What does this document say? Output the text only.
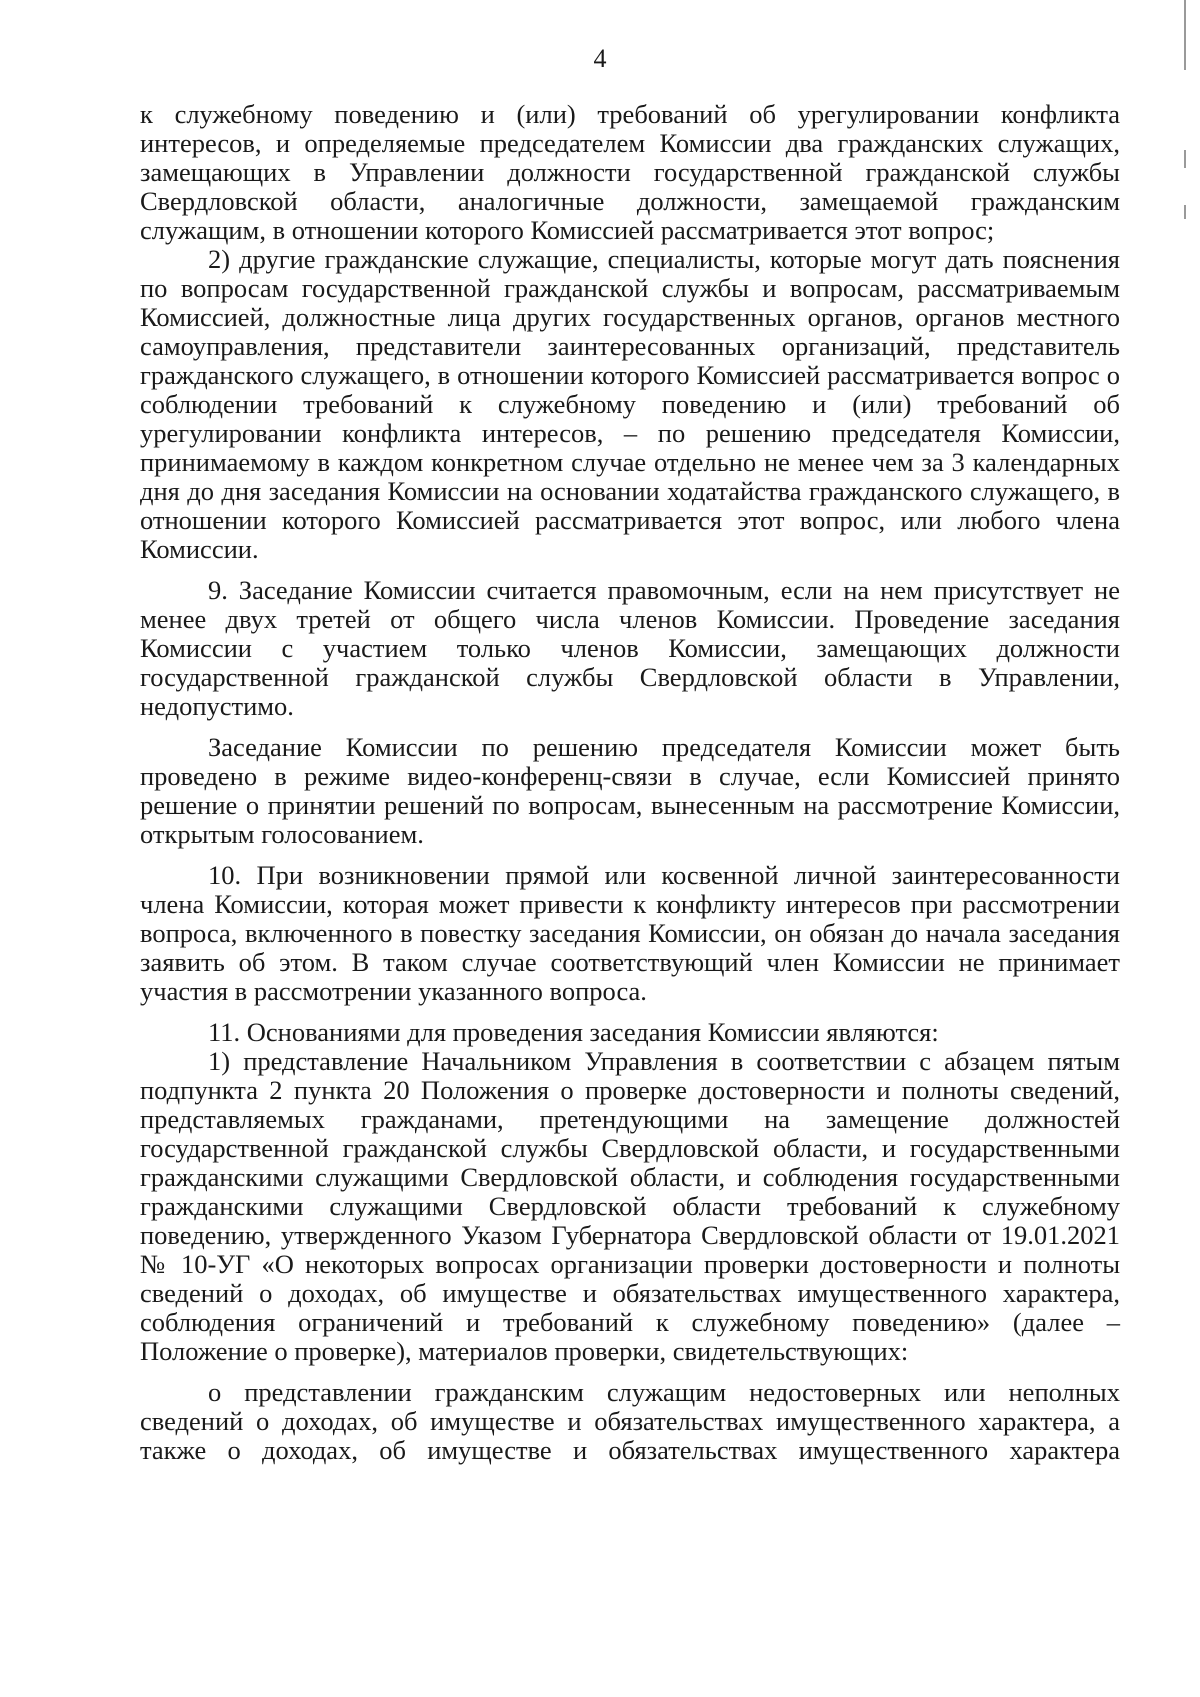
4

к служебному поведению и (или) требований об урегулировании конфликта интересов, и определяемые председателем Комиссии два гражданских служащих, замещающих в Управлении должности государственной гражданской службы Свердловской области, аналогичные должности, замещаемой гражданским служащим, в отношении которого Комиссией рассматривается этот вопрос;

2) другие гражданские служащие, специалисты, которые могут дать пояснения по вопросам государственной гражданской службы и вопросам, рассматриваемым Комиссией, должностные лица других государственных органов, органов местного самоуправления, представители заинтересованных организаций, представитель гражданского служащего, в отношении которого Комиссией рассматривается вопрос о соблюдении требований к служебному поведению и (или) требований об урегулировании конфликта интересов, – по решению председателя Комиссии, принимаемому в каждом конкретном случае отдельно не менее чем за 3 календарных дня до дня заседания Комиссии на основании ходатайства гражданского служащего, в отношении которого Комиссией рассматривается этот вопрос, или любого члена Комиссии.

9. Заседание Комиссии считается правомочным, если на нем присутствует не менее двух третей от общего числа членов Комиссии. Проведение заседания Комиссии с участием только членов Комиссии, замещающих должности государственной гражданской службы Свердловской области в Управлении, недопустимо.

Заседание Комиссии по решению председателя Комиссии может быть проведено в режиме видео-конференц-связи в случае, если Комиссией принято решение о принятии решений по вопросам, вынесенным на рассмотрение Комиссии, открытым голосованием.

10. При возникновении прямой или косвенной личной заинтересованности члена Комиссии, которая может привести к конфликту интересов при рассмотрении вопроса, включенного в повестку заседания Комиссии, он обязан до начала заседания заявить об этом. В таком случае соответствующий член Комиссии не принимает участия в рассмотрении указанного вопроса.

11. Основаниями для проведения заседания Комиссии являются:

1) представление Начальником Управления в соответствии с абзацем пятым подпункта 2 пункта 20 Положения о проверке достоверности и полноты сведений, представляемых гражданами, претендующими на замещение должностей государственной гражданской службы Свердловской области, и государственными гражданскими служащими Свердловской области, и соблюдения государственными гражданскими служащими Свердловской области требований к служебному поведению, утвержденного Указом Губернатора Свердловской области от 19.01.2021 № 10-УГ «О некоторых вопросах организации проверки достоверности и полноты сведений о доходах, об имуществе и обязательствах имущественного характера, соблюдения ограничений и требований к служебному поведению» (далее – Положение о проверке), материалов проверки, свидетельствующих:

о представлении гражданским служащим недостоверных или неполных сведений о доходах, об имуществе и обязательствах имущественного характера, а также о доходах, об имуществе и обязательствах имущественного характера
